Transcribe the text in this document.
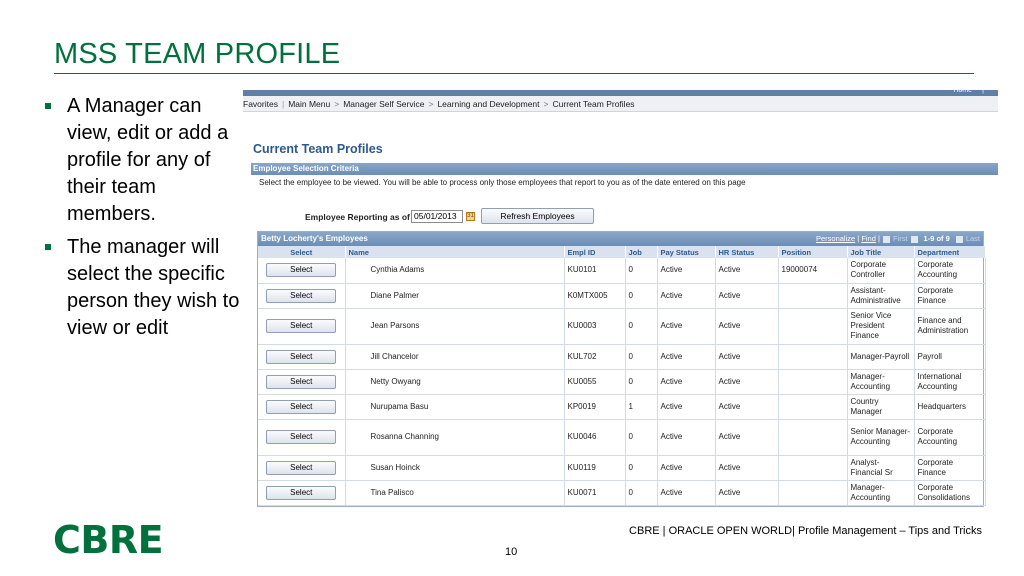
MSS TEAM PROFILE
A Manager can view, edit or add a profile for any of their team members.
The manager will select the specific person they wish to view or edit
Home |
Favorites | Main Menu > Manager Self Service > Learning and Development > Current Team Profiles
Current Team Profiles
Employee Selection Criteria
Select the employee to be viewed. You will be able to process only those employees that report to you as of the date entered on this page
Employee Reporting as of 05/01/2013	31	Refresh Employees
Betty Locherty's Employees	Personalize | Find | First 1-9 of 9 Last
Select	Name	Empl ID	Job	Pay Status	HR Status	Position	Job Title	Department
Select	Cynthia Adams	KU0101	0	Active	Active	19000074	Corporate Controller	Corporate Accounting
Select	Diane Palmer	K0MTX005	0	Active	Active		Assistant-Administrative	Corporate Finance
Select	Jean Parsons	KU0003	0	Active	Active		Senior Vice President Finance	Finance and Administration
Select	Jill Chancelor	KUL702	0	Active	Active		Manager-Payroll	Payroll
Select	Netty Owyang	KU0055	0	Active	Active		Manager-Accounting	International Accounting
Select	Nurupama Basu	KP0019	1	Active	Active		Country Manager	Headquarters
Select	Rosanna Channing	KU0046	0	Active	Active		Senior Manager-Accounting	Corporate Accounting
Select	Susan Hoinck	KU0119	0	Active	Active		Analyst-Financial Sr	Corporate Finance
Select	Tina Palisco	KU0071	0	Active	Active		Manager-Accounting	Corporate Consolidations
CBRE	10
CBRE | ORACLE OPEN WORLD| Profile Management – Tips and Tricks
